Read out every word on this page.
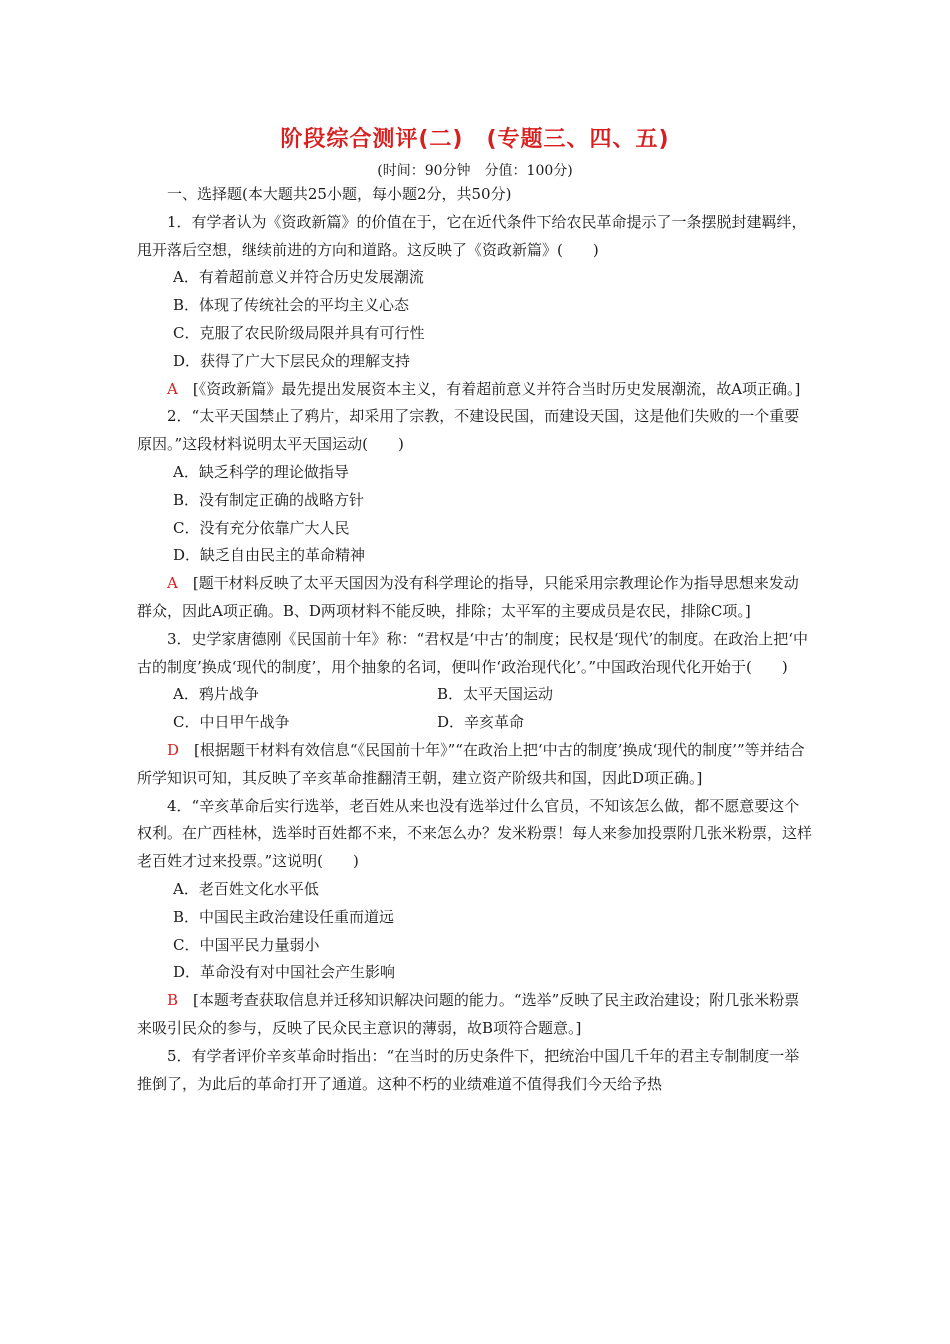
阶段综合测评(二)　(专题三、四、五)
(时间：90分钟　分值：100分)

一、选择题(本大题共25小题，每小题2分，共50分)

1．有学者认为《资政新篇》的价值在于，它在近代条件下给农民革命提示了一条摆脱封建羁绊，甩开落后空想，继续前进的方向和道路。这反映了《资政新篇》(　　)

A．有着超前意义并符合历史发展潮流

B．体现了传统社会的平均主义心态

C．克服了农民阶级局限并具有可行性

D．获得了广大下层民众的理解支持

A　 [《资政新篇》最先提出发展资本主义，有着超前意义并符合当时历史发展潮流，故A项正确。]

2．“太平天国禁止了鸦片，却采用了宗教，不建设民国，而建设天国，这是他们失败的一个重要原因。”这段材料说明太平天国运动(　　)

A．缺乏科学的理论做指导

B．没有制定正确的战略方针

C．没有充分依靠广大人民

D．缺乏自由民主的革命精神

A　 [题干材料反映了太平天国因为没有科学理论的指导，只能采用宗教理论作为指导思想来发动群众，因此A项正确。B、D两项材料不能反映，排除；太平军的主要成员是农民，排除C项。]

3．史学家唐德刚《民国前十年》称：“君权是‘中古’的制度；民权是‘现代’的制度。在政治上把‘中古的制度’换成‘现代的制度’，用个抽象的名词，便叫作‘政治现代化’。”中国政治现代化开始于(　　)

A．鸦片战争	B．太平天国运动
C．中日甲午战争	D．辛亥革命

D　 [根据题干材料有效信息“《民国前十年》”“在政治上把‘中古的制度’换成‘现代的制度’”等并结合所学知识可知，其反映了辛亥革命推翻清王朝，建立资产阶级共和国，因此D项正确。]

4．“辛亥革命后实行选举，老百姓从来也没有选举过什么官员，不知该怎么做，都不愿意要这个权利。在广西桂林，选举时百姓都不来，不来怎么办？发米粉票！每人来参加投票附几张米粉票，这样老百姓才过来投票。”这说明(　　)

A．老百姓文化水平低

B．中国民主政治建设任重而道远

C．中国平民力量弱小

D．革命没有对中国社会产生影响

B　 [本题考查获取信息并迁移知识解决问题的能力。“选举”反映了民主政治建设；附几张米粉票来吸引民众的参与，反映了民众民主意识的薄弱，故B项符合题意。]

5．有学者评价辛亥革命时指出：“在当时的历史条件下，把统治中国几千年的君主专制制度一举推倒了，为此后的革命打开了通道。这种不朽的业绩难道不值得我们今天给予热
